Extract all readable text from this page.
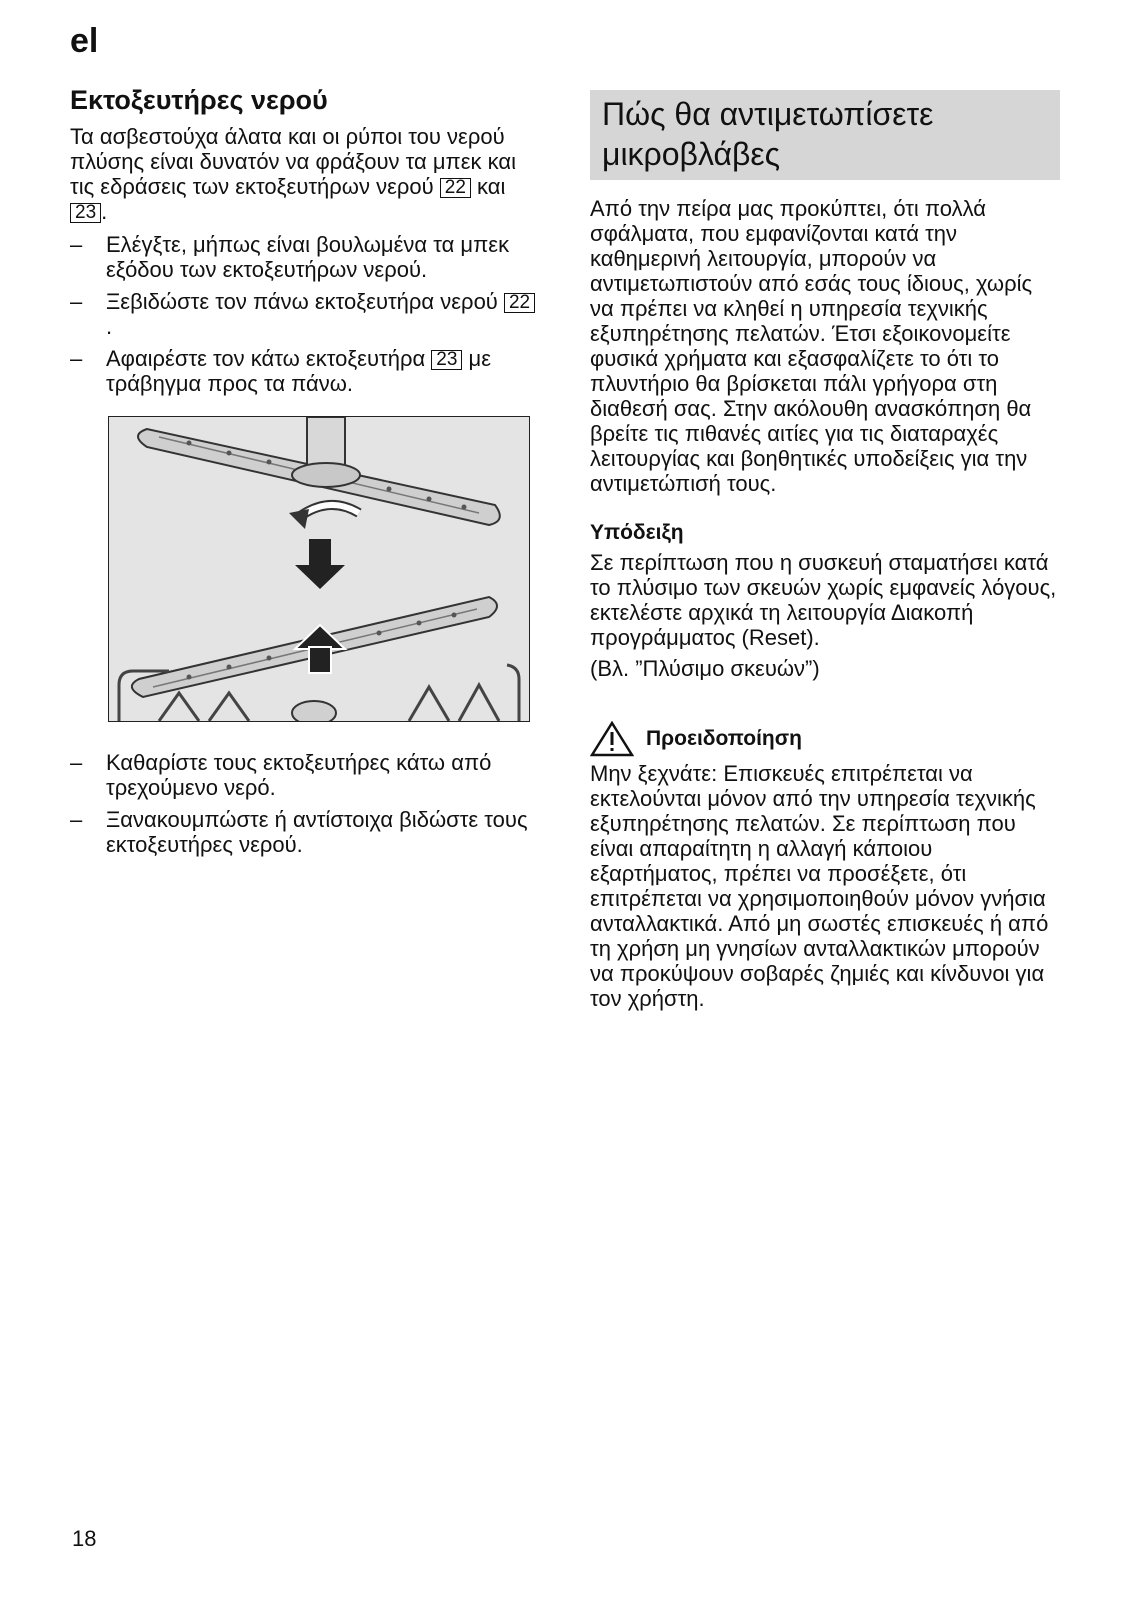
el
Εκτοξευτήρες νερού

Τα ασβεστούχα άλατα και οι ρύποι του νερού πλύσης είναι δυνατόν να φράξουν τα μπεκ και τις εδράσεις των εκτοξευτήρων νερού 22 και 23 .

– Ελέγξτε, μήπως είναι βουλωμένα τα μπεκ εξόδου των εκτοξευτήρων νερού.
– Ξεβιδώστε τον πάνω εκτοξευτήρα νερού 22.
– Αφαιρέστε τον κάτω εκτοξευτήρα 23 με τράβηγμα προς τα πάνω.
– Καθαρίστε τους εκτοξευτήρες κάτω από τρεχούμενο νερό.
– Ξανακουμπώστε ή αντίστοιχα βιδώστε τους εκτοξευτήρες νερού.
Πώς θα αντιμετωπίσετε
μικροβλάβες

Από την πείρα μας προκύπτει, ότι πολλά σφάλματα, που εμφανίζονται κατά την καθημερινή λειτουργία, μπορούν να αντιμετωπιστούν από εσάς τους ίδιους, χωρίς να πρέπει να κληθεί η υπηρεσία τεχνικής εξυπηρέτησης πελατών. Έτσι εξοικονομείτε φυσικά χρήματα και εξασφαλίζετε το ότι το πλυντήριο θα βρίσκεται πάλι γρήγορα στη διαθεσή σας. Στην ακόλουθη ανασκόπηση θα βρείτε τις πιθανές αιτίες για τις διαταραχές λειτουργίας και βοηθητικές υποδείξεις για την αντιμετώπισή τους.

Υπόδειξη

Σε περίπτωση που η συσκευή σταματήσει κατά το πλύσιμο των σκευών χωρίς εμφανείς λόγους, εκτελέστε αρχικά τη λειτουργία Διακοπή προγράμματος (Reset).

(Βλ. ”Πλύσιμο σκευών”)

Προειδοποίηση

Μην ξεχνάτε: Επισκευές επιτρέπεται να εκτελούνται μόνον από την υπηρεσία τεχνικής εξυπηρέτησης πελατών. Σε περίπτωση που είναι απαραίτητη η αλλαγή κάποιου εξαρτήματος, πρέπει να προσέξετε, ότι επιτρέπεται να χρησιμοποιηθούν μόνον γνήσια ανταλλακτικά. Από μη σωστές επισκευές ή από τη χρήση μη γνησίων ανταλλακτικών μπορούν να προκύψουν σοβαρές ζημιές και κίνδυνοι για τον χρήστη.

18
